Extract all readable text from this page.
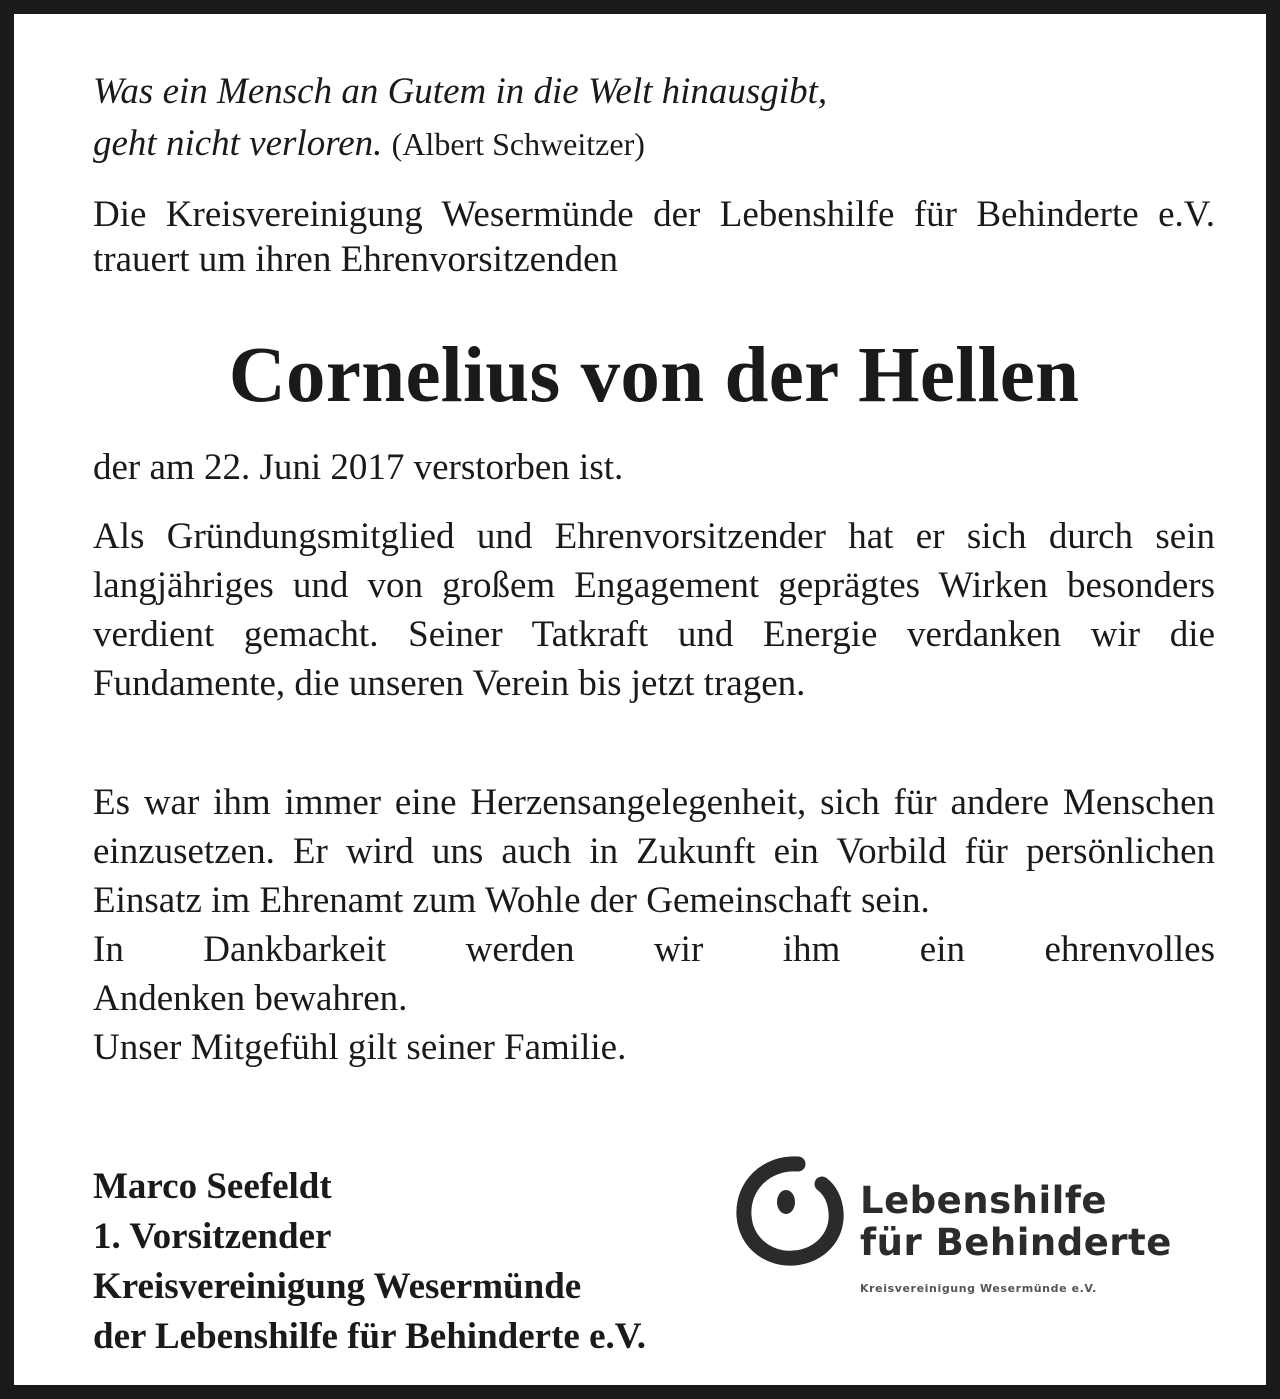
Was ein Mensch an Gutem in die Welt hinausgibt,
geht nicht verloren. (Albert Schweitzer)
Die Kreisvereinigung Wesermünde der Lebenshilfe für Behinderte e.V. trauert um ihren Ehrenvorsitzenden
Cornelius von der Hellen
der am 22. Juni 2017 verstorben ist.
Als Gründungsmitglied und Ehrenvorsitzender hat er sich durch sein langjähriges und von großem Engagement geprägtes Wirken besonders verdient gemacht. Seiner Tatkraft und Energie verdanken wir die Fundamente, die unseren Verein bis jetzt tragen.
Es war ihm immer eine Herzensangelegenheit, sich für andere Menschen einzusetzen. Er wird uns auch in Zukunft ein Vorbild für persönlichen Einsatz im Ehrenamt zum Wohle der Gemeinschaft sein.
In Dankbarkeit werden wir ihm ein ehrenvolles
Andenken bewahren.
Unser Mitgefühl gilt seiner Familie.
Marco Seefeldt
1. Vorsitzender
Kreisvereinigung Wesermünde
der Lebenshilfe für Behinderte e.V.
Lebenshilfe
für Behinderte
Kreisvereinigung Wesermünde e.V.
